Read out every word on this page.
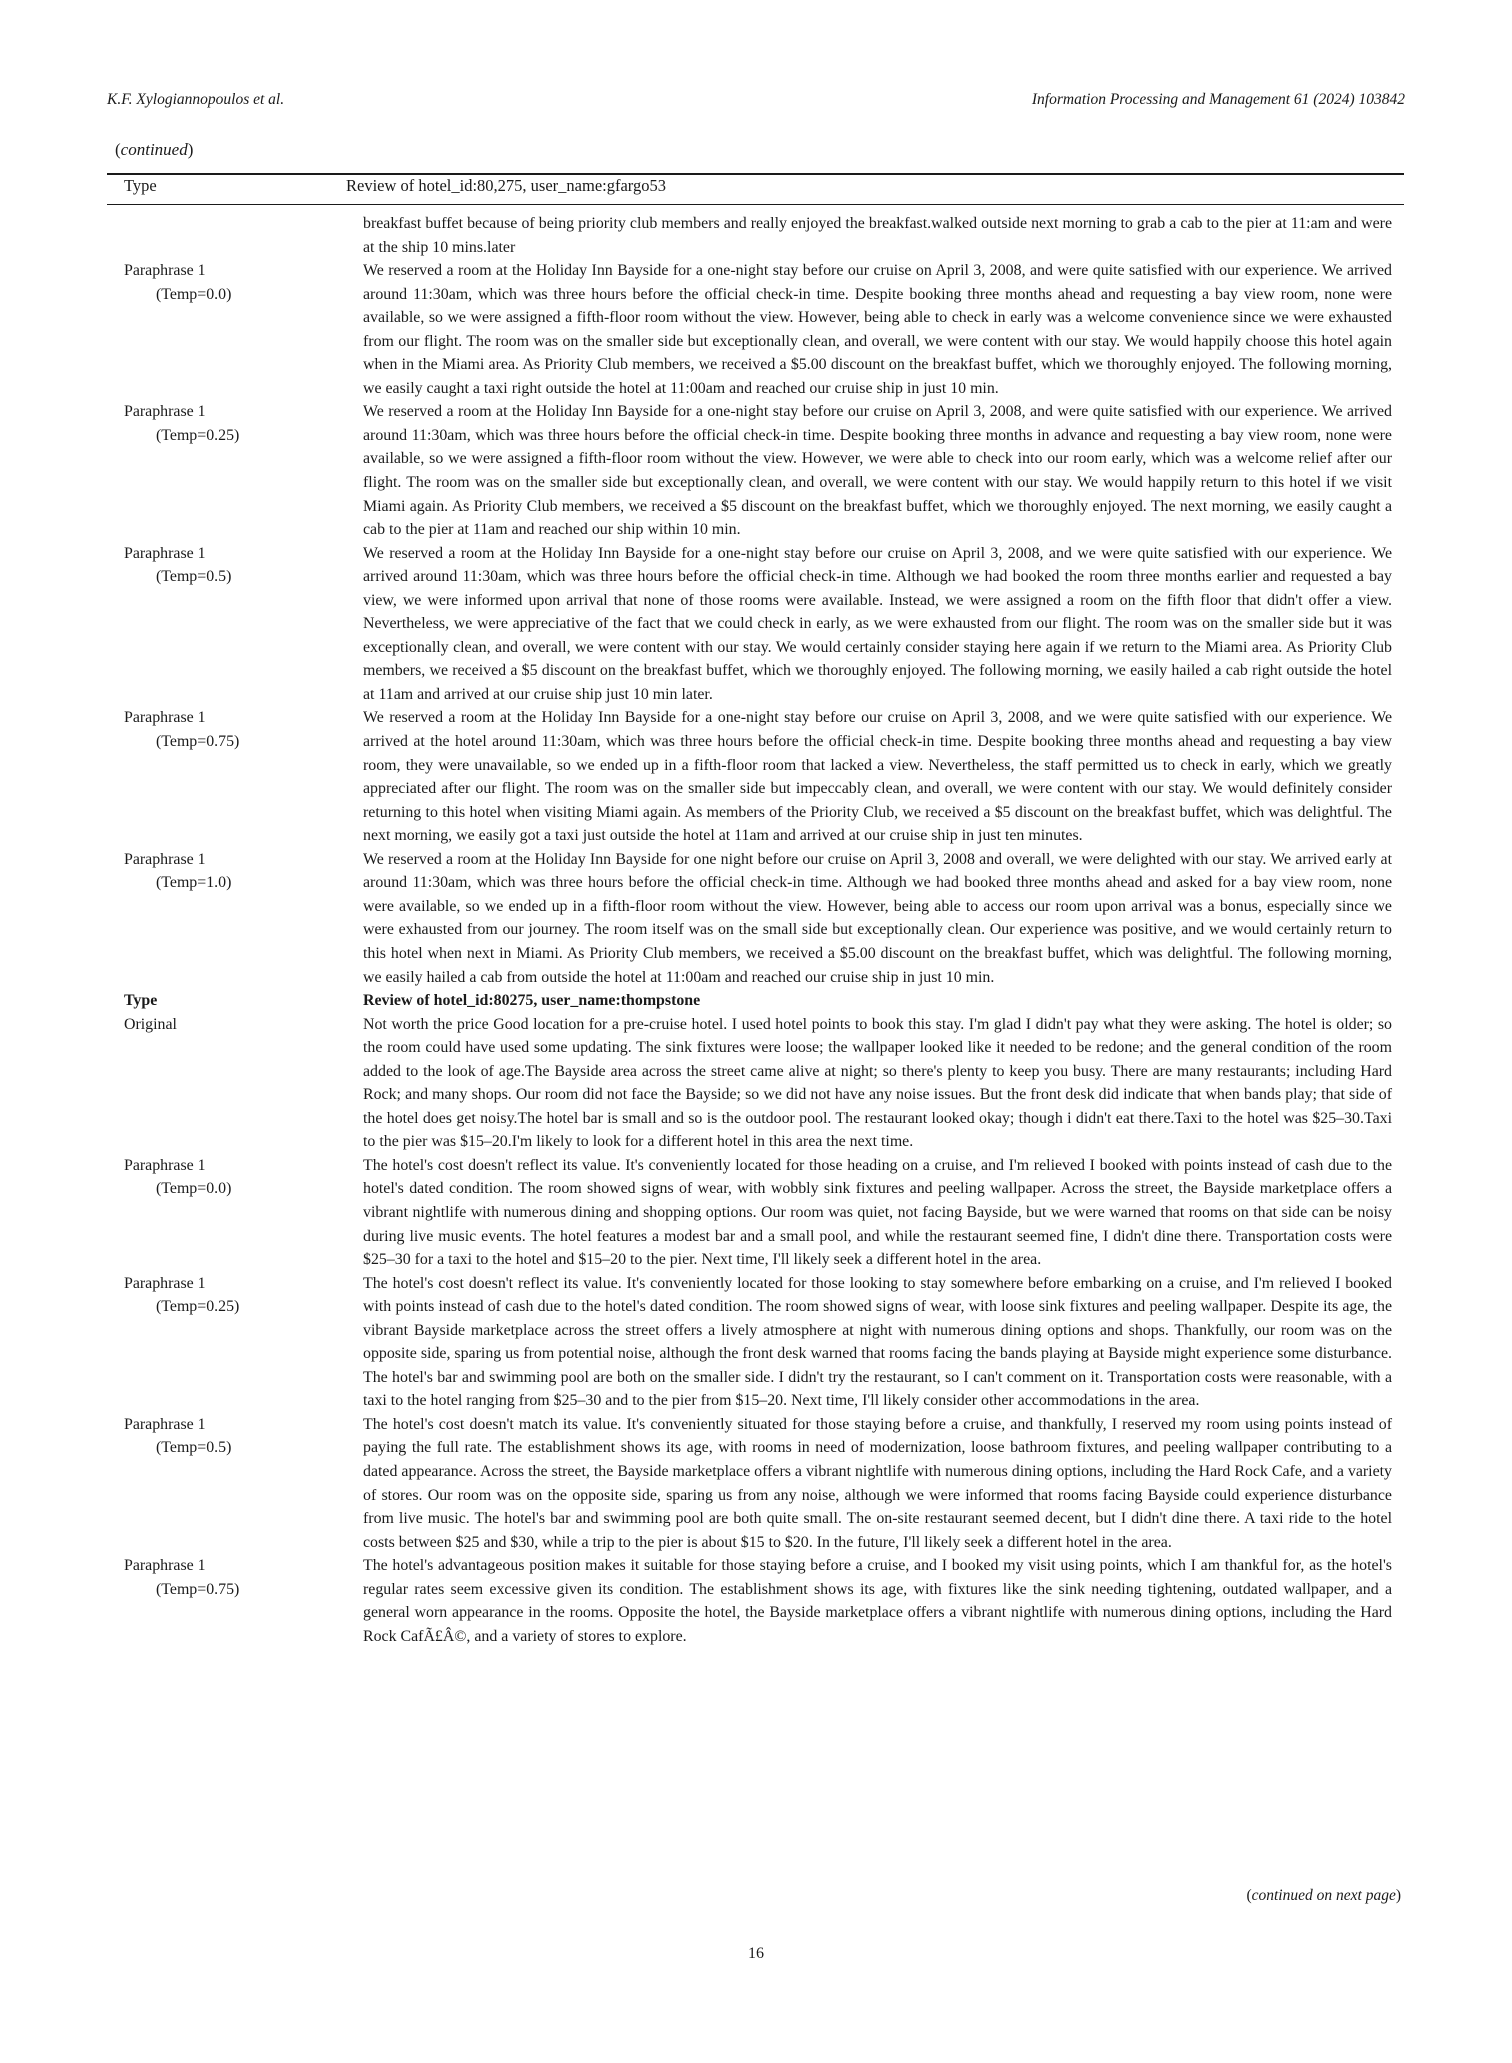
K.F. Xylogiannopoulos et al.	Information Processing and Management 61 (2024) 103842
(continued)
Type	Review of hotel_id:80,275, user_name:gfargo53
	breakfast buffet because of being priority club members and really enjoyed the breakfast.walked outside next morning to grab a cab to the pier at 11:am and were at the ship 10 mins.later

Paraphrase 1
(Temp=0.0)	We reserved a room at the Holiday Inn Bayside for a one-night stay before our cruise on April 3, 2008, and were quite satisfied with our experience. We arrived around 11:30am, which was three hours before the official check-in time. Despite booking three months ahead and requesting a bay view room, none were available, so we were assigned a fifth-floor room without the view. However, being able to check in early was a welcome convenience since we were exhausted from our flight. The room was on the smaller side but exceptionally clean, and overall, we were content with our stay. We would happily choose this hotel again when in the Miami area. As Priority Club members, we received a $5.00 discount on the breakfast buffet, which we thoroughly enjoyed. The following morning, we easily caught a taxi right outside the hotel at 11:00am and reached our cruise ship in just 10 min.

Paraphrase 1
(Temp=0.25)	We reserved a room at the Holiday Inn Bayside for a one-night stay before our cruise on April 3, 2008, and were quite satisfied with our experience. We arrived around 11:30am, which was three hours before the official check-in time. Despite booking three months in advance and requesting a bay view room, none were available, so we were assigned a fifth-floor room without the view. However, we were able to check into our room early, which was a welcome relief after our flight. The room was on the smaller side but exceptionally clean, and overall, we were content with our stay. We would happily return to this hotel if we visit Miami again. As Priority Club members, we received a $5 discount on the breakfast buffet, which we thoroughly enjoyed. The next morning, we easily caught a cab to the pier at 11am and reached our ship within 10 min.

Paraphrase 1
(Temp=0.5)	We reserved a room at the Holiday Inn Bayside for a one-night stay before our cruise on April 3, 2008, and we were quite satisfied with our experience. We arrived around 11:30am, which was three hours before the official check-in time. Although we had booked the room three months earlier and requested a bay view, we were informed upon arrival that none of those rooms were available. Instead, we were assigned a room on the fifth floor that didn't offer a view. Nevertheless, we were appreciative of the fact that we could check in early, as we were exhausted from our flight. The room was on the smaller side but it was exceptionally clean, and overall, we were content with our stay. We would certainly consider staying here again if we return to the Miami area. As Priority Club members, we received a $5 discount on the breakfast buffet, which we thoroughly enjoyed. The following morning, we easily hailed a cab right outside the hotel at 11am and arrived at our cruise ship just 10 min later.

Paraphrase 1
(Temp=0.75)	We reserved a room at the Holiday Inn Bayside for a one-night stay before our cruise on April 3, 2008, and we were quite satisfied with our experience. We arrived at the hotel around 11:30am, which was three hours before the official check-in time. Despite booking three months ahead and requesting a bay view room, they were unavailable, so we ended up in a fifth-floor room that lacked a view. Nevertheless, the staff permitted us to check in early, which we greatly appreciated after our flight. The room was on the smaller side but impeccably clean, and overall, we were content with our stay. We would definitely consider returning to this hotel when visiting Miami again. As members of the Priority Club, we received a $5 discount on the breakfast buffet, which was delightful. The next morning, we easily got a taxi just outside the hotel at 11am and arrived at our cruise ship in just ten minutes.

Paraphrase 1
(Temp=1.0)	We reserved a room at the Holiday Inn Bayside for one night before our cruise on April 3, 2008 and overall, we were delighted with our stay. We arrived early at around 11:30am, which was three hours before the official check-in time. Although we had booked three months ahead and asked for a bay view room, none were available, so we ended up in a fifth-floor room without the view. However, being able to access our room upon arrival was a bonus, especially since we were exhausted from our journey. The room itself was on the small side but exceptionally clean. Our experience was positive, and we would certainly return to this hotel when next in Miami. As Priority Club members, we received a $5.00 discount on the breakfast buffet, which was delightful. The following morning, we easily hailed a cab from outside the hotel at 11:00am and reached our cruise ship in just 10 min.

Type	Review of hotel_id:80275, user_name:thompstone

Original	Not worth the price Good location for a pre-cruise hotel. I used hotel points to book this stay. I'm glad I didn't pay what they were asking. The hotel is older; so the room could have used some updating. The sink fixtures were loose; the wallpaper looked like it needed to be redone; and the general condition of the room added to the look of age.The Bayside area across the street came alive at night; so there's plenty to keep you busy. There are many restaurants; including Hard Rock; and many shops. Our room did not face the Bayside; so we did not have any noise issues. But the front desk did indicate that when bands play; that side of the hotel does get noisy.The hotel bar is small and so is the outdoor pool. The restaurant looked okay; though i didn't eat there.Taxi to the hotel was $25–30.Taxi to the pier was $15–20.I'm likely to look for a different hotel in this area the next time.

Paraphrase 1
(Temp=0.0)	The hotel's cost doesn't reflect its value. It's conveniently located for those heading on a cruise, and I'm relieved I booked with points instead of cash due to the hotel's dated condition. The room showed signs of wear, with wobbly sink fixtures and peeling wallpaper. Across the street, the Bayside marketplace offers a vibrant nightlife with numerous dining and shopping options. Our room was quiet, not facing Bayside, but we were warned that rooms on that side can be noisy during live music events. The hotel features a modest bar and a small pool, and while the restaurant seemed fine, I didn't dine there. Transportation costs were $25–30 for a taxi to the hotel and $15–20 to the pier. Next time, I'll likely seek a different hotel in the area.

Paraphrase 1
(Temp=0.25)	The hotel's cost doesn't reflect its value. It's conveniently located for those looking to stay somewhere before embarking on a cruise, and I'm relieved I booked with points instead of cash due to the hotel's dated condition. The room showed signs of wear, with loose sink fixtures and peeling wallpaper. Despite its age, the vibrant Bayside marketplace across the street offers a lively atmosphere at night with numerous dining options and shops. Thankfully, our room was on the opposite side, sparing us from potential noise, although the front desk warned that rooms facing the bands playing at Bayside might experience some disturbance. The hotel's bar and swimming pool are both on the smaller side. I didn't try the restaurant, so I can't comment on it. Transportation costs were reasonable, with a taxi to the hotel ranging from $25–30 and to the pier from $15–20. Next time, I'll likely consider other accommodations in the area.

Paraphrase 1
(Temp=0.5)	The hotel's cost doesn't match its value. It's conveniently situated for those staying before a cruise, and thankfully, I reserved my room using points instead of paying the full rate. The establishment shows its age, with rooms in need of modernization, loose bathroom fixtures, and peeling wallpaper contributing to a dated appearance. Across the street, the Bayside marketplace offers a vibrant nightlife with numerous dining options, including the Hard Rock Cafe, and a variety of stores. Our room was on the opposite side, sparing us from any noise, although we were informed that rooms facing Bayside could experience disturbance from live music. The hotel's bar and swimming pool are both quite small. The on-site restaurant seemed decent, but I didn't dine there. A taxi ride to the hotel costs between $25 and $30, while a trip to the pier is about $15 to $20. In the future, I'll likely seek a different hotel in the area.

Paraphrase 1
(Temp=0.75)	The hotel's advantageous position makes it suitable for those staying before a cruise, and I booked my visit using points, which I am thankful for, as the hotel's regular rates seem excessive given its condition. The establishment shows its age, with fixtures like the sink needing tightening, outdated wallpaper, and a general worn appearance in the rooms. Opposite the hotel, the Bayside marketplace offers a vibrant nightlife with numerous dining options, including the Hard Rock CafÃ£Â©, and a variety of stores to explore.
(continued on next page)
16
